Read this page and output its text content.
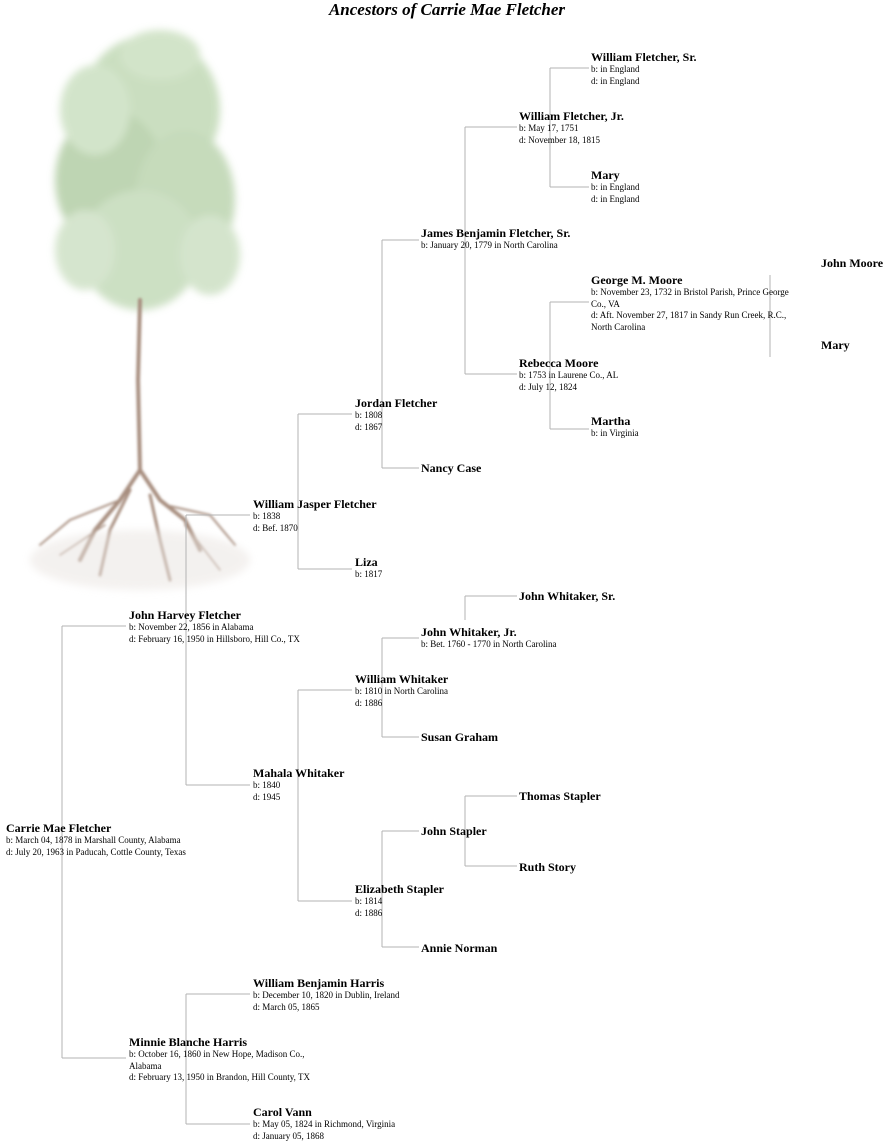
Ancestors of Carrie Mae Fletcher
William Fletcher, Sr.
b: in England
d: in England
Mary
b: in England
d: in England
George M. Moore
b: November 23, 1732 in Bristol Parish, Prince George Co., VA
d: Aft. November 27, 1817 in Sandy Run Creek, R.C., North Carolina
Martha
b: in Virginia
John Moore
Mary
William Fletcher, Jr.
b: May 17, 1751
d: November 18, 1815
Rebecca Moore
b: 1753 in Laurene Co., AL
d: July 12, 1824
John Whitaker, Sr.
Thomas Stapler
Ruth Story
James Benjamin Fletcher, Sr.
b: January 20, 1779 in North Carolina
Nancy Case
John Whitaker, Jr.
b: Bet. 1760 - 1770 in North Carolina
Susan Graham
John Stapler
Annie Norman
Jordan Fletcher
b: 1808
d: 1867
Liza
b: 1817
William Whitaker
b: 1810 in North Carolina
d: 1886
Elizabeth Stapler
b: 1814
d: 1886
William Jasper Fletcher
b: 1838
d: Bef. 1870
Mahala Whitaker
b: 1840
d: 1945
William Benjamin Harris
b: December 10, 1820 in Dublin, Ireland
d: March 05, 1865
Carol Vann
b: May 05, 1824 in Richmond, Virginia
d: January 05, 1868
John Harvey Fletcher
b: November 22, 1856 in Alabama
d: February 16, 1950 in Hillsboro, Hill Co., TX
Minnie Blanche Harris
b: October 16, 1860 in New Hope, Madison Co., Alabama
d: February 13, 1950 in Brandon, Hill County, TX
Carrie Mae Fletcher
b: March 04, 1878 in Marshall County, Alabama
d: July 20, 1963 in Paducah, Cottle County, Texas
